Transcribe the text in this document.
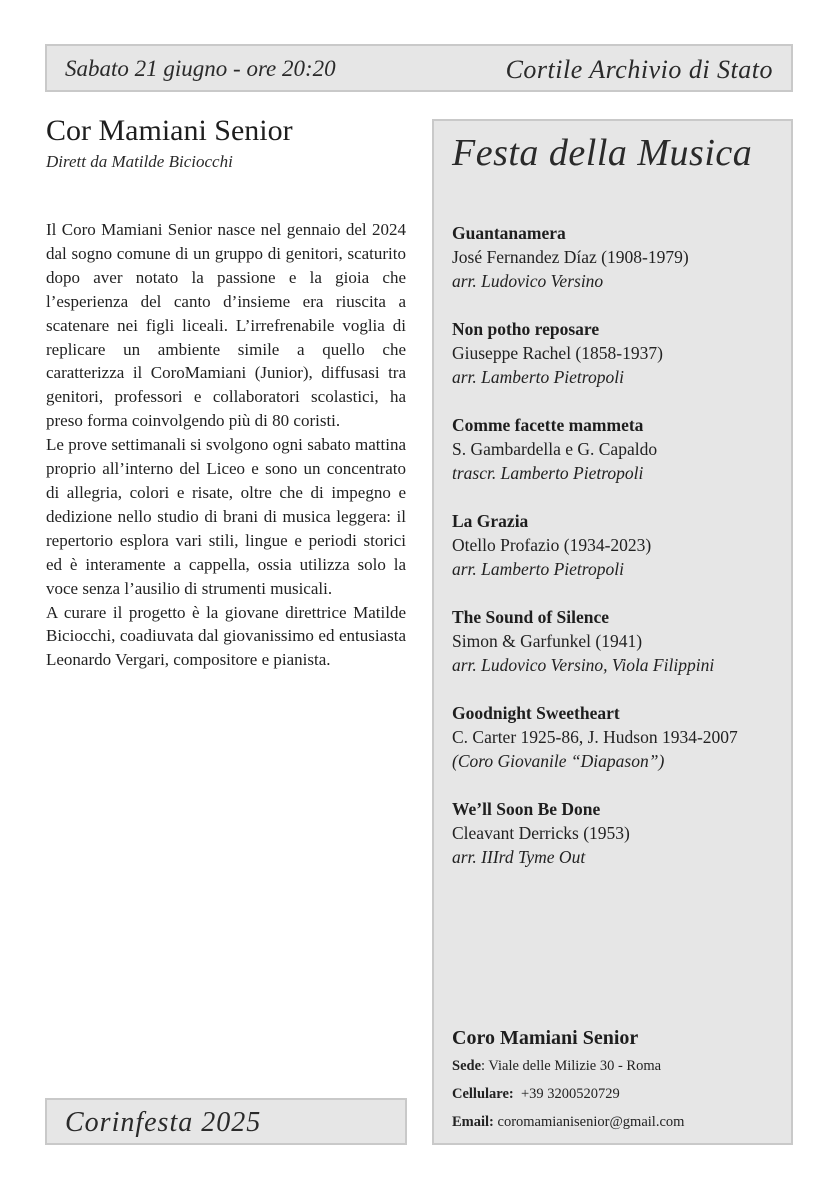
Sabato 21 giugno - ore 20:20	Cortile Archivio di Stato
Cor Mamiani Senior
Dirett da Matilde Biciocchi

Il Coro Mamiani Senior nasce nel gennaio del 2024 dal sogno comune di un gruppo di genitori, scaturito dopo aver notato la passione e la gioia che l’esperienza del canto d’insieme era riuscita a scatenare nei figli liceali. L’irrefrenabile voglia di replicare un ambiente simile a quello che caratterizza il CoroMamiani (Junior), diffusasi tra genitori, professori e collaboratori scolastici, ha preso forma coinvolgendo più di 80 coristi.

Le prove settimanali si svolgono ogni sabato mattina proprio all’interno del Liceo e sono un concentrato di allegria, colori e risate, oltre che di impegno e dedizione nello studio di brani di musica leggera: il repertorio esplora vari stili, lingue e periodi storici ed è interamente a cappella, ossia utilizza solo la voce senza l’ausilio di strumenti musicali.

A curare il progetto è la giovane direttrice Matilde Biciocchi, coadiuvata dal giovanissimo ed entusiasta Leonardo Vergari, compositore e pianista.

Corinfesta 2025
Festa della Musica
Guantanamera
José Fernandez Díaz (1908-1979)
arr. Ludovico Versino
Non potho reposare
Giuseppe Rachel (1858-1937)
arr. Lamberto Pietropoli
Comme facette mammeta
S. Gambardella e G. Capaldo
trascr. Lamberto Pietropoli
La Grazia
Otello Profazio (1934-2023)
arr. Lamberto Pietropoli
The Sound of Silence
Simon & Garfunkel (1941)
arr. Ludovico Versino, Viola Filippini
Goodnight Sweetheart
C. Carter 1925-86, J. Hudson 1934-2007
(Coro Giovanile “Diapason”)
We’ll Soon Be Done
Cleavant Derricks (1953)
arr. IIIrd Tyme Out
Coro Mamiani Senior
Sede: Viale delle Milizie 30 - Roma
Cellulare: +39 3200520729
Email: coromamianisenior@gmail.com
